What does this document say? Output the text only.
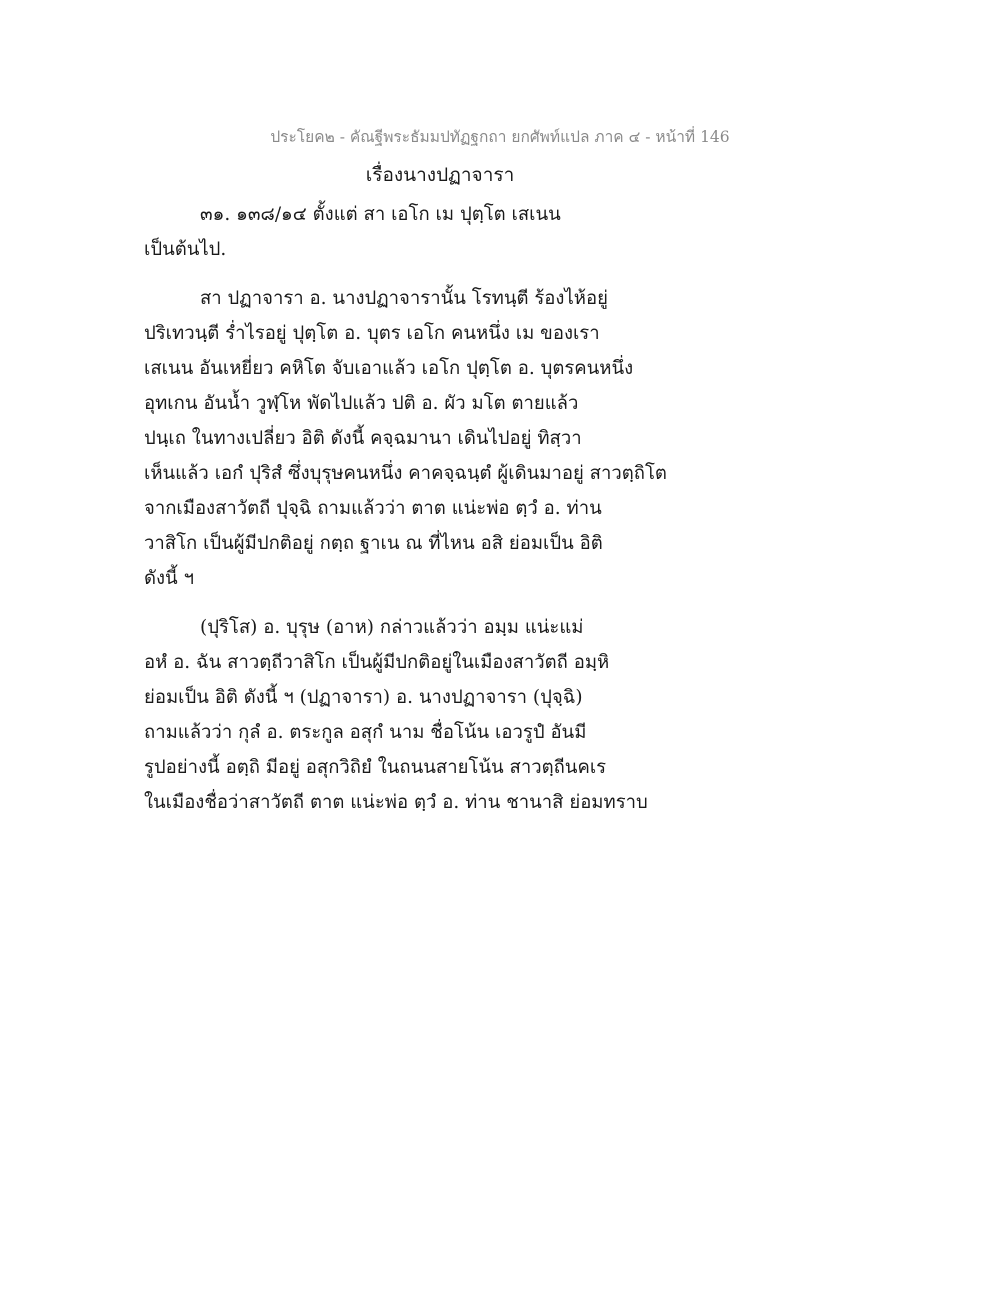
ประโยค๒ - คัณฐีพระธัมมปทัฏฐกถา ยกศัพท์แปล ภาค ๔ - หน้าที่ 146
เรื่องนางปฏาจารา
๓๑. ๑๓๘/๑๔ ตั้งแต่ สา เอโก เม ปุตฺโต เสเนน
เป็นต้นไป.
สา ปฏาจารา อ. นางปฏาจารานั้น โรทนฺตี ร้องไห้อยู่
ปริเทวนฺตี ร่ำไรอยู่ ปุตฺโต อ. บุตร เอโก คนหนึ่ง เม ของเรา
เสเนน อันเหยี่ยว คหิโต จับเอาแล้ว เอโก ปุตฺโต อ. บุตรคนหนึ่ง
อุทเกน อันน้ำ วูฬฺโห พัดไปแล้ว ปติ อ. ผัว มโต ตายแล้ว
ปนฺเถ ในทางเปลี่ยว อิติ ดังนี้ คจฺฉมานา เดินไปอยู่ ทิสฺวา
เห็นแล้ว เอกํ ปุริสํ ซึ่งบุรุษคนหนึ่ง คาคจฺฉนฺตํ ผู้เดินมาอยู่ สาวตฺถิโต
จากเมืองสาวัตถี ปุจฺฉิ ถามแล้วว่า ตาต แน่ะพ่อ ตฺวํ อ. ท่าน
วาสิโก เป็นผู้มีปกติอยู่ กตฺถ ฐาเน ณ ที่ไหน อสิ ย่อมเป็น อิติ
ดังนี้ ฯ
(ปุริโส) อ. บุรุษ (อาห) กล่าวแล้วว่า อมฺม แน่ะแม่
อหํ อ. ฉัน สาวตฺถีวาสิโก เป็นผู้มีปกติอยู่ในเมืองสาวัตถี อมฺหิ
ย่อมเป็น อิติ ดังนี้ ฯ (ปฏาจารา) อ. นางปฏาจารา (ปุจฺฉิ)
ถามแล้วว่า กุลํ อ. ตระกูล อสุกํ นาม ชื่อโน้น เอวรูปํ อันมี
รูปอย่างนี้ อตฺถิ มีอยู่ อสุกวิถิยํ ในถนนสายโน้น สาวตฺถีนคเร
ในเมืองชื่อว่าสาวัตถี ตาต แน่ะพ่อ ตฺวํ อ. ท่าน ชานาสิ ย่อมทราบ
